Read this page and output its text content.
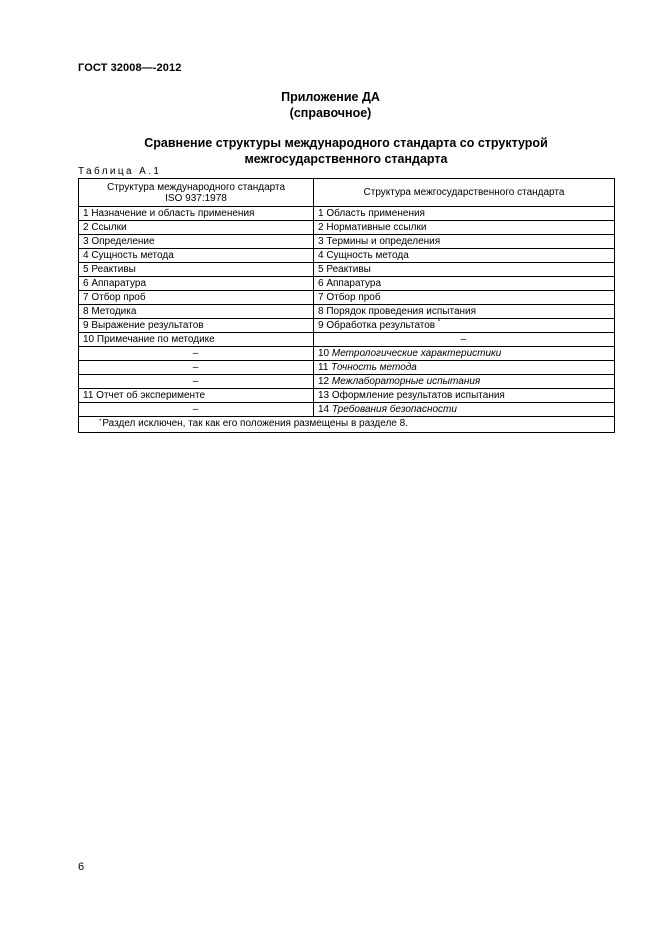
ГОСТ 32008—-2012
Приложение ДА
(справочное)
Сравнение структуры международного стандарта со структурой
межгосударственного стандарта
Таблица А.1
Структура международного стандарта
ISO 937:1978	Структура межгосударственного стандарта
1 Назначение и область применения	1 Область применения
2 Ссылки	2 Нормативные ссылки
3 Определение	3 Термины и определения
4 Сущность метода	4 Сущность метода
5 Реактивы	5 Реактивы
6 Аппаратура	6 Аппаратура
7 Отбор проб	7 Отбор проб
8 Методика	8 Порядок проведения испытания
9 Выражение результатов	9 Обработка результатов *
10 Примечание по методике	–
–	10 Метрологические характеристики
–	11 Точность метода
–	12 Межлабораторные испытания
11 Отчет об эксперименте	13 Оформление результатов испытания
–	14 Требования безопасности
*Раздел исключен, так как его положения размещены в разделе 8.	
6
